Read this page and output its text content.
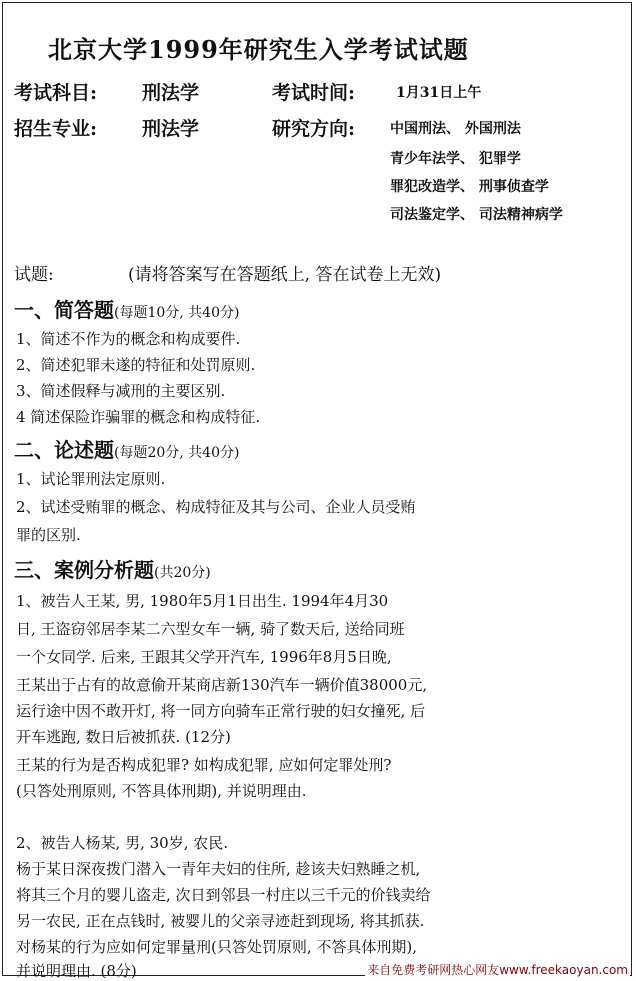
北京大学1999年研究生入学考试试题
考试科目: 刑法学	考试时间:	1月31日上午
招生专业: 刑法学	研究方向: 中国刑法、 外国刑法
青少年法学、 犯罪学
罪犯改造学、 刑事侦查学
司法鉴定学、 司法精神病学
试题:	(请将答案写在答题纸上, 答在试卷上无效)
一、简答题(每题10分, 共40分)
1、简述不作为的概念和构成要件.
2、简述犯罪未遂的特征和处罚原则.
3、简述假释与减刑的主要区别.
4 简述保险诈骗罪的概念和构成特征.
二、论述题(每题20分, 共40分)
1、试论罪刑法定原则.
2、试述受贿罪的概念、构成特征及其与公司、企业人员受贿
罪的区别.
三、案例分析题(共20分)
1、被告人王某, 男, 1980年5月1日出生. 1994年4月30
日, 王盗窃邻居李某二六型女车一辆, 骑了数天后, 送给同班
一个女同学. 后来, 王跟其父学开汽车, 1996年8月5日晚,
王某出于占有的故意偷开某商店新130汽车一辆价值38000元,
运行途中因不敢开灯, 将一同方向骑车正常行驶的妇女撞死, 后
开车逃跑, 数日后被抓获. (12分)
王某的行为是否构成犯罪? 如构成犯罪, 应如何定罪处刑?
(只答处刑原则, 不答具体刑期), 并说明理由.
2、被告人杨某, 男, 30岁, 农民.
杨于某日深夜拨门潜入一青年夫妇的住所, 趁该夫妇熟睡之机,
将其三个月的婴儿盗走, 次日到邻县一村庄以三千元的价钱卖给
另一农民, 正在点钱时, 被婴儿的父亲寻迹赶到现场, 将其抓获.
对杨某的行为应如何定罪量刑(只答处罚原则, 不答具体刑期),
并说明理由. (8分)	来自免费考研网热心网友www.freekaoyan.com
